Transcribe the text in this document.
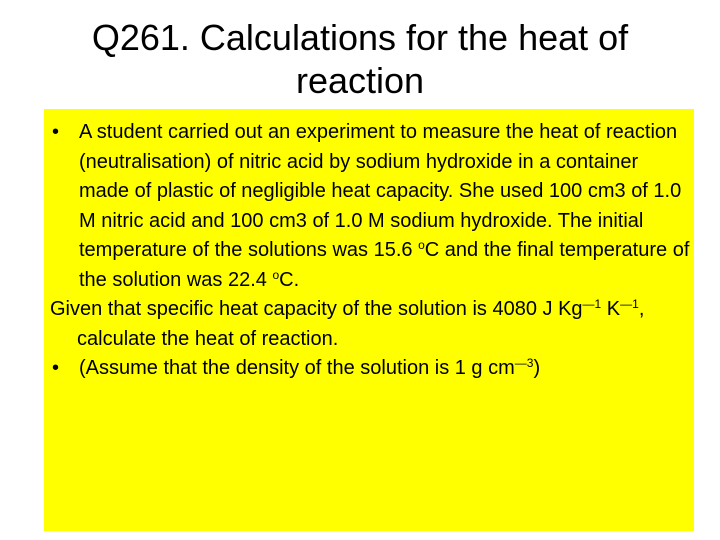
Q261. Calculations for the heat of
reaction

• A student carried out an experiment to measure the heat of reaction (neutralisation) of nitric acid by sodium hydroxide in a container made of plastic of negligible heat capacity. She used 100 cm3 of 1.0 M nitric acid and 100 cm3 of 1.0 M sodium hydroxide. The initial temperature of the solutions was 15.6 $^o$C and the final temperature of the solution was 22.4 $^o$C.

Given that specific heat capacity of the solution is 4080 J $Kg^{—1}$ $K^{—1}$, calculate the heat of reaction.

• (Assume that the density of the solution is 1 g $cm^{—3}$)
